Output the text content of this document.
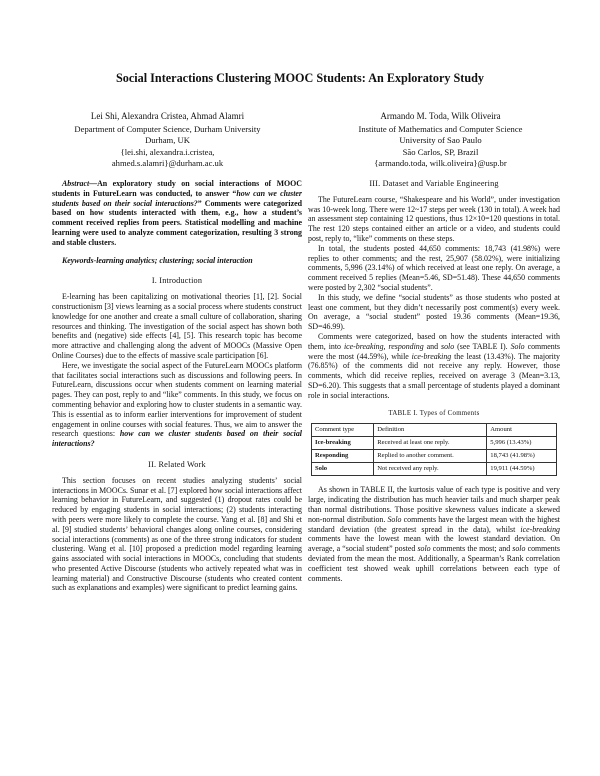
Social Interactions Clustering MOOC Students: An Exploratory Study
Lei Shi, Alexandra Cristea, Ahmad Alamri
Department of Computer Science, Durham University
Durham, UK
{lei.shi, alexandra.i.cristea,
ahmed.s.alamri}@durham.ac.uk
Armando M. Toda, Wilk Oliveira
Institute of Mathematics and Computer Science
University of Sao Paulo
São Carlos, SP, Brazil
{armando.toda, wilk.oliveira}@usp.br

Abstract—An exploratory study on social interactions of MOOC students in FutureLearn was conducted, to answer “how can we cluster students based on their social interactions?” Comments were categorized based on how students interacted with them, e.g., how a student’s comment received replies from peers. Statistical modelling and machine learning were used to analyze comment categorization, resulting 3 strong and stable clusters.

Keywords-learning analytics; clustering; social interaction

I. Introduction

E-learning has been capitalizing on motivational theories [1], [2]. Social constructionism [3] views learning as a social process where students construct knowledge for one another and create a small culture of collaboration, sharing resources and thinking. The investigation of the social aspect has shown both benefits and (negative) side effects [4], [5]. This research topic has become more attractive and challenging along the advent of MOOCs (Massive Open Online Courses) due to the effects of massive scale participation [6].

Here, we investigate the social aspect of the FutureLearn MOOCs platform that facilitates social interactions such as discussions and following peers. In FutureLearn, discussions occur when students comment on learning material pages. They can post, reply to and “like” comments. In this study, we focus on commenting behavior and exploring how to cluster students in a semantic way. This is essential as to inform earlier interventions for improvement of student engagement in online courses with social features. Thus, we aim to answer the research questions: how can we cluster students based on their social interactions?

II. Related Work

This section focuses on recent studies analyzing students’ social interactions in MOOCs. Sunar et al. [7] explored how social interactions affect learning behavior in FutureLearn, and suggested (1) dropout rates could be reduced by engaging students in social interactions; (2) students interacting with peers were more likely to complete the course. Yang et al. [8] and Shi et al. [9] studied students’ behavioral changes along online courses, considering social interactions (comments) as one of the three strong indicators for student clustering. Wang et al. [10] proposed a prediction model regarding learning gains associated with social interactions in MOOCs, concluding that students who presented Active Discourse (students who actively repeated what was in learning material) and Constructive Discourse (students who created content such as explanations and examples) were significant to predict learning gains.

III. Dataset and Variable Engineering

The FutureLearn course, “Shakespeare and his World”, under investigation was 10-week long. There were 12~17 steps per week (130 in total). A week had an assessment step containing 12 questions, thus 12×10=120 questions in total. The rest 120 steps contained either an article or a video, and students could post, reply to, “like” comments on these steps.

In total, the students posted 44,650 comments: 18,743 (41.98%) were replies to other comments; and the rest, 25,907 (58.02%), were initializing comments, 5,996 (23.14%) of which received at least one reply. On average, a comment received 5 replies (Mean=5.46, SD=51.48). These 44,650 comments were posted by 2,302 “social students”.

In this study, we define “social students” as those students who posted at least one comment, but they didn’t necessarily post comment(s) every week. On average, a “social student” posted 19.36 comments (Mean=19.36, SD=46.99).

Comments were categorized, based on how the students interacted with them, into ice-breaking, responding and solo (see TABLE I). Solo comments were the most (44.59%), while ice-breaking the least (13.43%). The majority (76.85%) of the comments did not receive any reply. However, those comments, which did receive replies, received on average 3 (Mean=3.13, SD=6.20). This suggests that a small percentage of students played a dominant role in social interactions.

TABLE I. Types of Comments
Comment type	Definition	Amount
Ice-breaking	Received at least one reply.	5,996 (13.43%)
Responding	Replied to another comment.	18,743 (41.98%)
Solo	Not received any reply.	19,911 (44.59%)

As shown in TABLE II, the kurtosis value of each type is positive and very large, indicating the distribution has much heavier tails and much sharper peak than normal distributions. Those positive skewness values indicate a skewed non-normal distribution. Solo comments have the largest mean with the highest standard deviation (the greatest spread in the data), whilst ice-breaking comments have the lowest mean with the lowest standard deviation. On average, a “social student” posted solo comments the most; and solo comments deviated from the mean the most. Additionally, a Spearman’s Rank correlation coefficient test showed weak uphill correlations between each type of comments.
